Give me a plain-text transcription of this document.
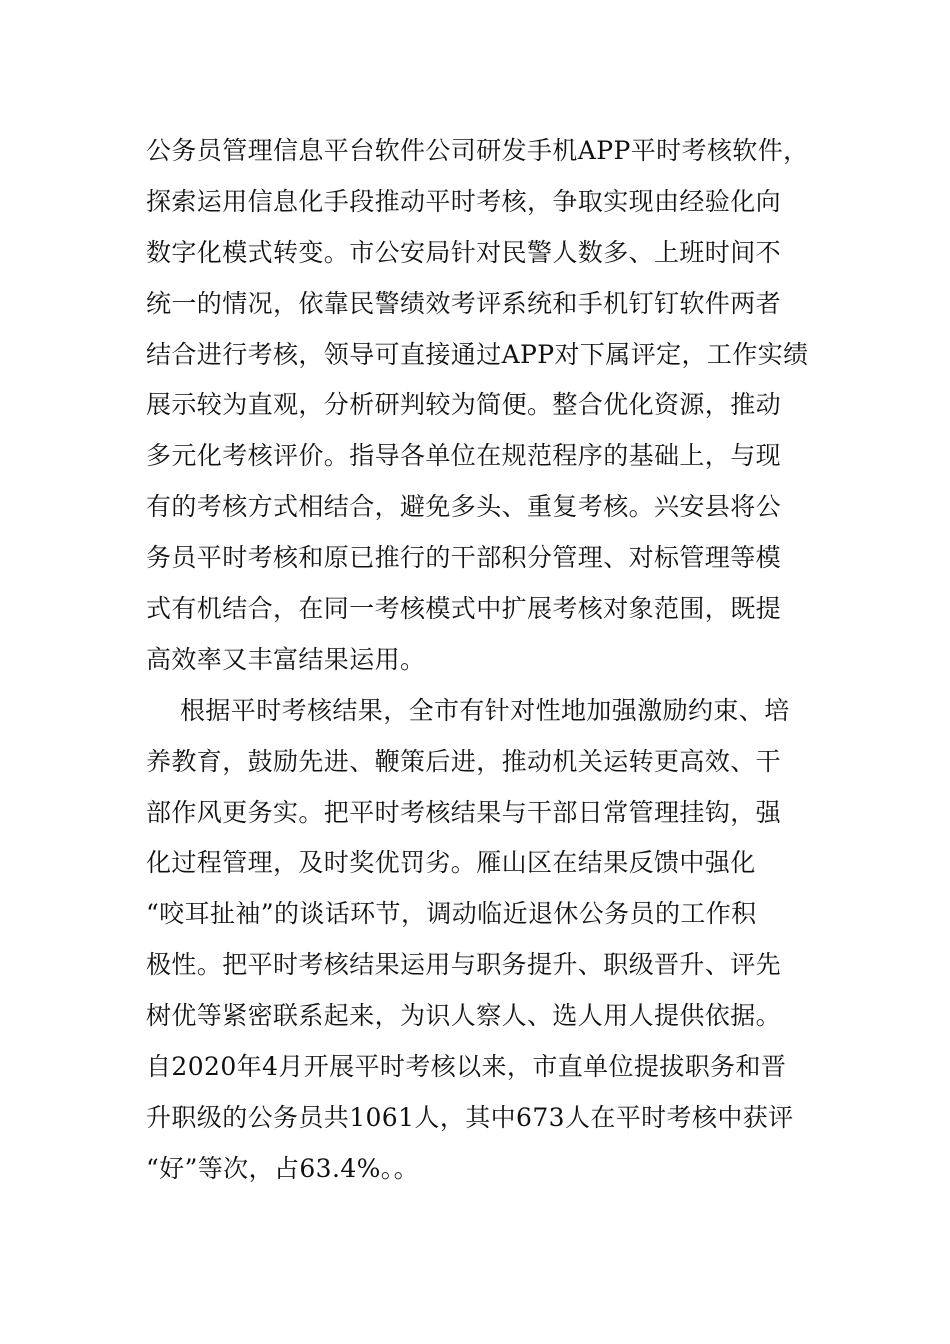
公务员管理信息平台软件公司研发手机APP平时考核软件，
探索运用信息化手段推动平时考核，争取实现由经验化向
数字化模式转变。市公安局针对民警人数多、上班时间不
统一的情况，依靠民警绩效考评系统和手机钉钉软件两者
结合进行考核，领导可直接通过APP对下属评定，工作实绩
展示较为直观，分析研判较为简便。整合优化资源，推动
多元化考核评价。指导各单位在规范程序的基础上，与现
有的考核方式相结合，避免多头、重复考核。兴安县将公
务员平时考核和原已推行的干部积分管理、对标管理等模
式有机结合，在同一考核模式中扩展考核对象范围，既提
高效率又丰富结果运用。
根据平时考核结果，全市有针对性地加强激励约束、培
养教育，鼓励先进、鞭策后进，推动机关运转更高效、干
部作风更务实。把平时考核结果与干部日常管理挂钩，强
化过程管理，及时奖优罚劣。雁山区在结果反馈中强化
“咬耳扯袖”的谈话环节，调动临近退休公务员的工作积
极性。把平时考核结果运用与职务提升、职级晋升、评先
树优等紧密联系起来，为识人察人、选人用人提供依据。
自2020年4月开展平时考核以来，市直单位提拔职务和晋
升职级的公务员共1061人，其中673人在平时考核中获评
“好”等次，占63.4%。。
